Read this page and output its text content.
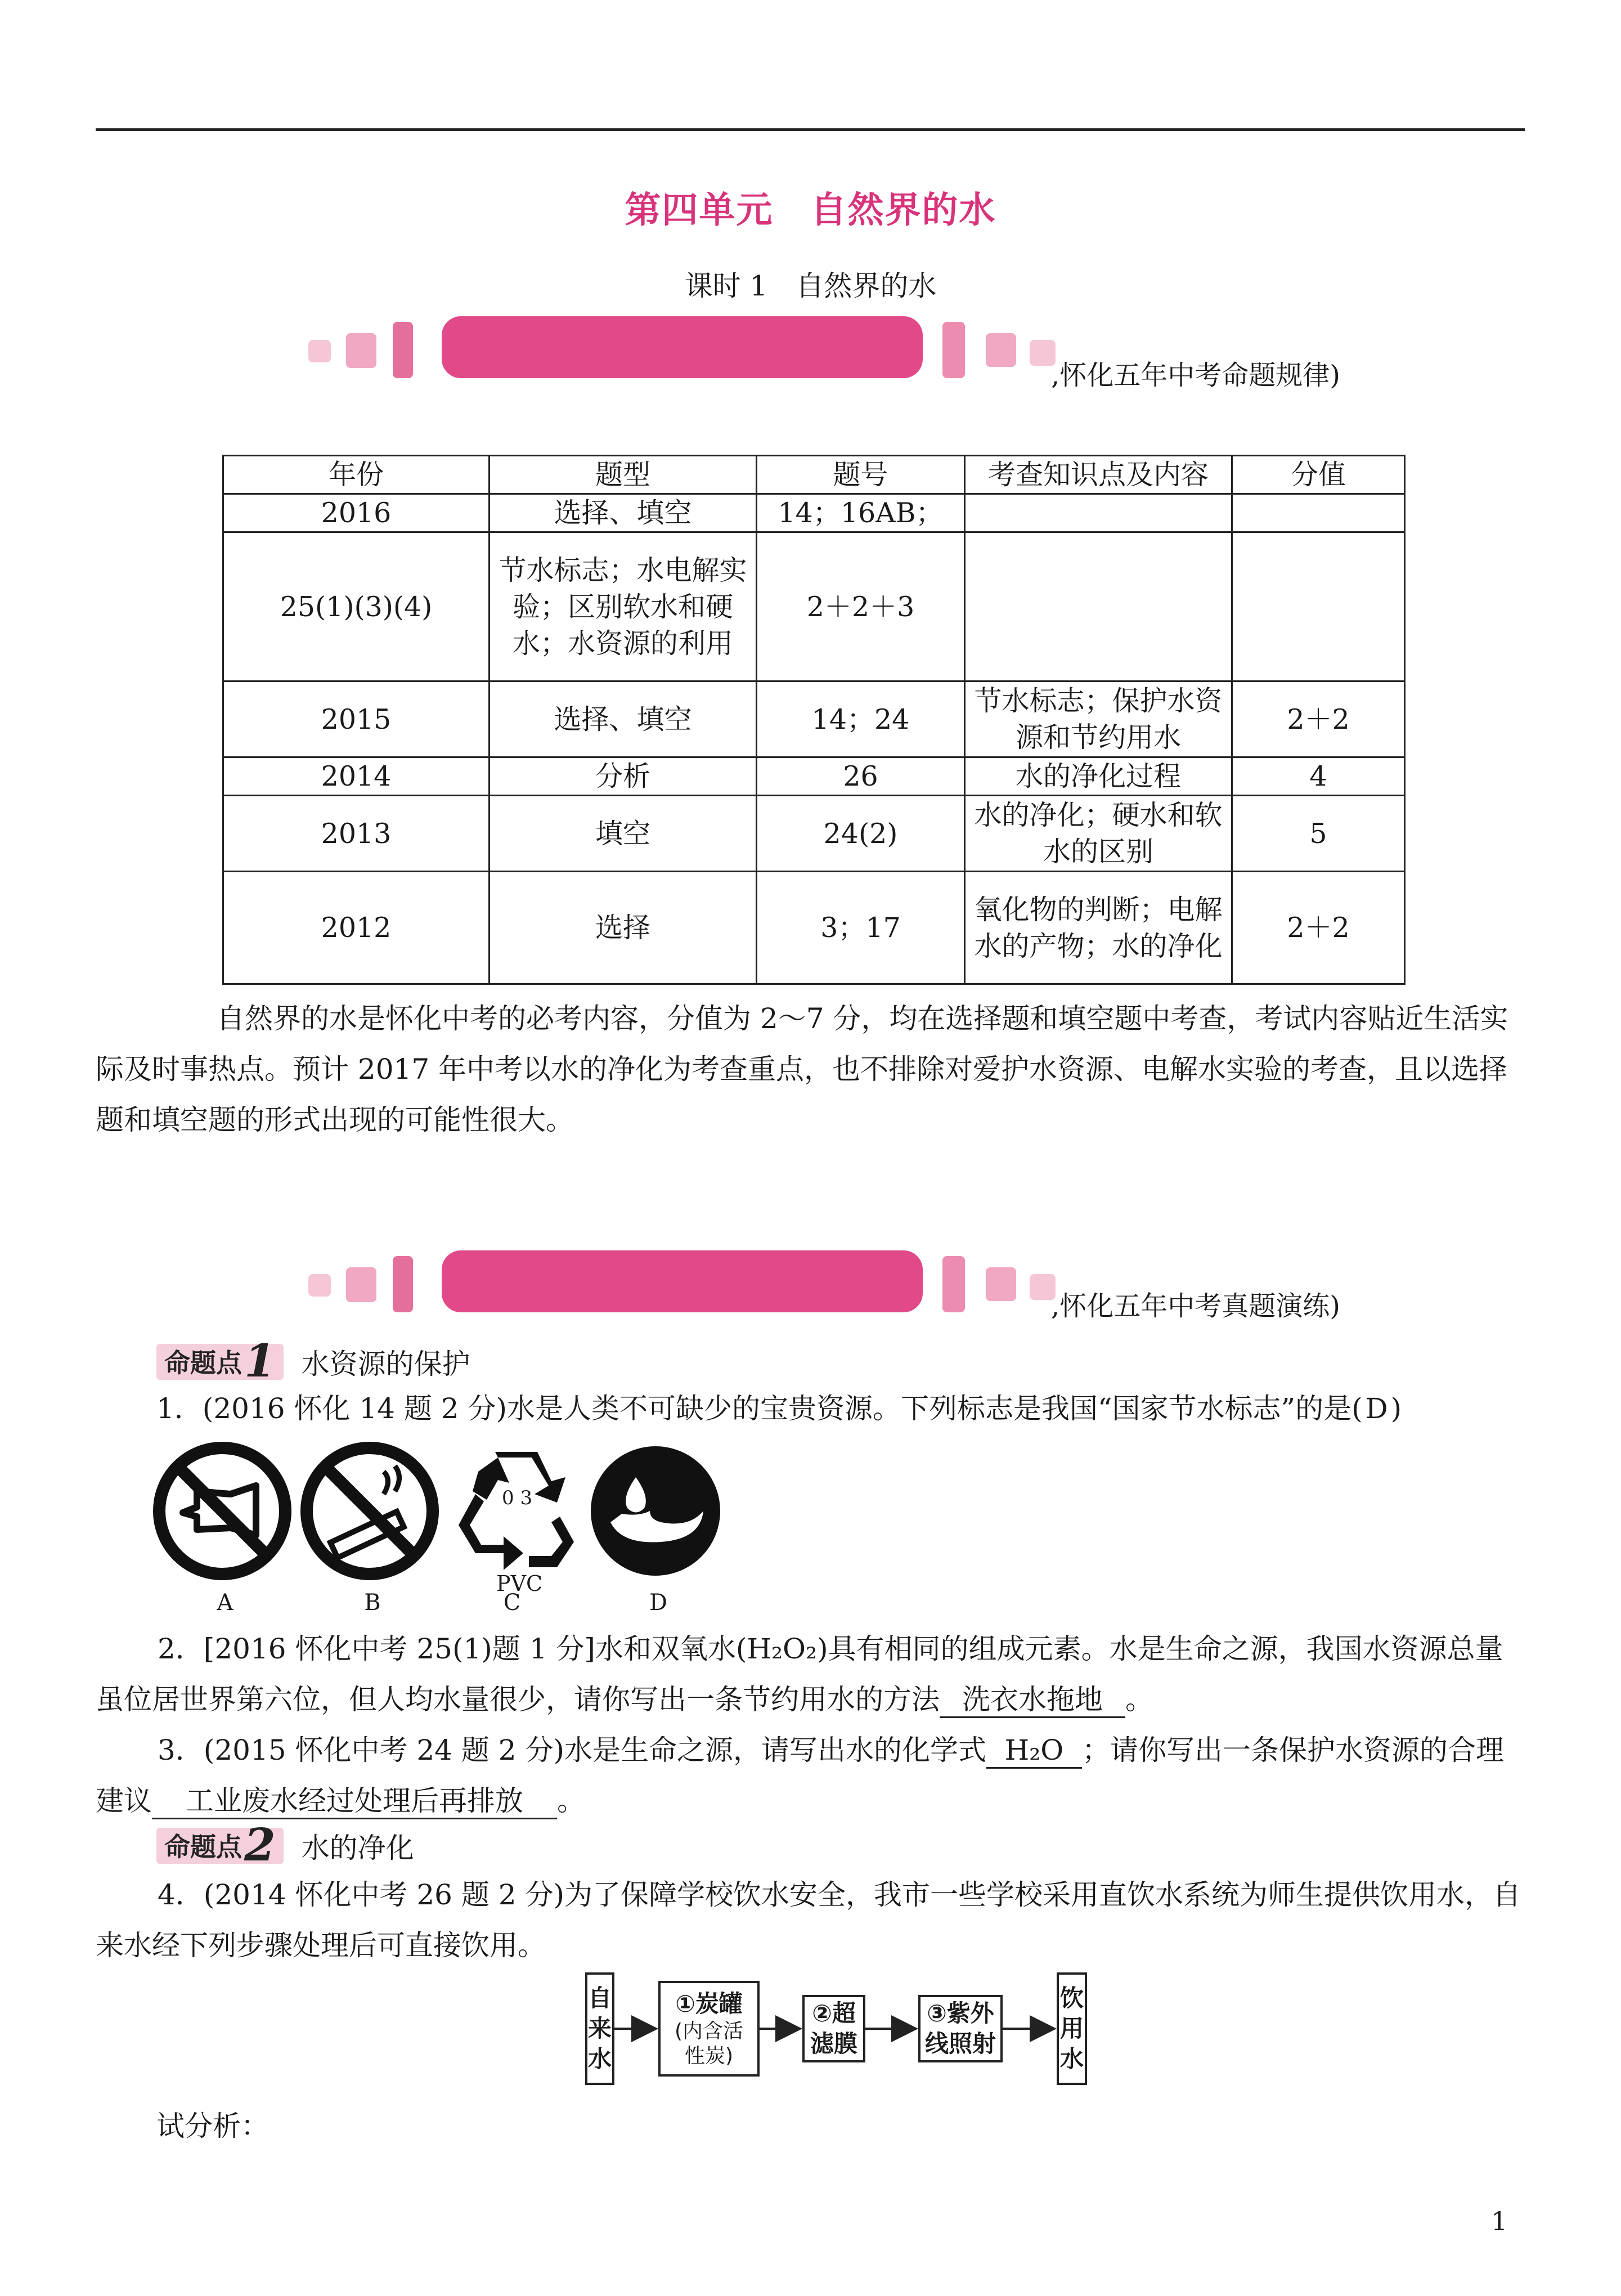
第四单元　自然界的水
课时 1　自然界的水
,怀化五年中考命题规律)
年份	题型	题号	考查知识点及内容	分值
2016	选择、填空	14；16AB；		
25(1)(3)(4)	节水标志；水电解实验；区别软水和硬水；水资源的利用	2＋2＋3		
2015	选择、填空	14；24	节水标志；保护水资源和节约用水	2＋2
2014	分析	26	水的净化过程	4
2013	填空	24(2)	水的净化；硬水和软水的区别	5
2012	选择	3；17	氧化物的判断；电解水的产物；水的净化	2＋2
自然界的水是怀化中考的必考内容，分值为 2～7 分，均在选择题和填空题中考查，考试内容贴近生活实际及时事热点。预计 2017 年中考以水的净化为考查重点，也不排除对爱护水资源、电解水实验的考查，且以选择题和填空题的形式出现的可能性很大。
,怀化五年中考真题演练)
命题点 1 水资源的保护
1．(2016 怀化 14 题 2 分)水是人类不可缺少的宝贵资源。下列标志是我国“国家节水标志”的是(D)
0 3
PVC
A	B	C	D
2．[2016 怀化中考 25(1)题 1 分]水和双氧水(H₂O₂)具有相同的组成元素。水是生命之源，我国水资源总量虽位居世界第六位，但人均水量很少，请你写出一条节约用水的方法 洗衣水拖地 。
3．(2015 怀化中考 24 题 2 分)水是生命之源，请写出水的化学式 H₂O ；请你写出一条保护水资源的合理建议 工业废水经过处理后再排放 。
命题点 2 水的净化
4．(2014 怀化中考 26 题 2 分)为了保障学校饮水安全，我市一些学校采用直饮水系统为师生提供饮用水，自来水经下列步骤处理后可直接饮用。
自
来
水
①炭罐
(内含活
性炭)
②超
滤膜
③紫外
线照射
饮
用
水
试分析：
1
